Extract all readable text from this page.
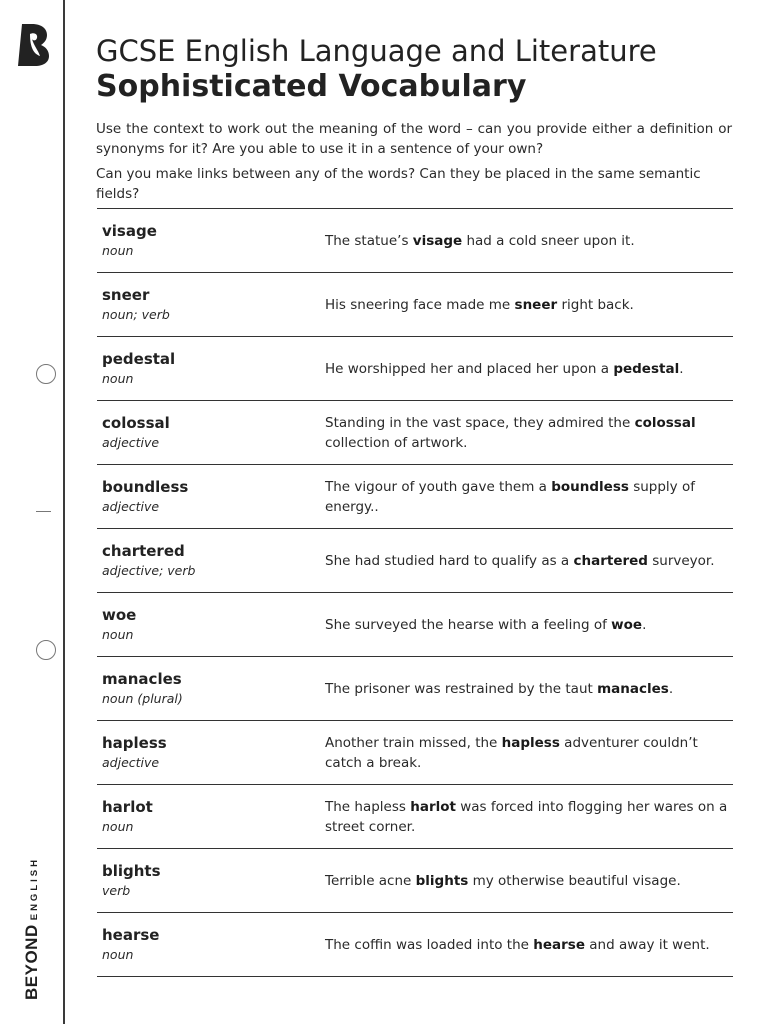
BEYONDENGLISH
GCSE English Language and Literature
Sophisticated Vocabulary

Use the context to work out the meaning of the word – can you provide either a definition or synonyms for it? Are you able to use it in a sentence of your own?

Can you make links between any of the words? Can they be placed in the same semantic fields?

visage
noun
The statue’s visage had a cold sneer upon it.
sneer
noun; verb
His sneering face made me sneer right back.
pedestal
noun
He worshipped her and placed her upon a pedestal.
colossal
adjective
Standing in the vast space, they admired the colossal collection of artwork.
boundless
adjective
The vigour of youth gave them a boundless supply of energy..
chartered
adjective; verb
She had studied hard to qualify as a chartered surveyor.
woe
noun
She surveyed the hearse with a feeling of woe.
manacles
noun (plural)
The prisoner was restrained by the taut manacles.
hapless
adjective
Another train missed, the hapless adventurer couldn’t catch a break.
harlot
noun
The hapless harlot was forced into flogging her wares on a street corner.
blights
verb
Terrible acne blights my otherwise beautiful visage.
hearse
noun
The coffin was loaded into the hearse and away it went.
